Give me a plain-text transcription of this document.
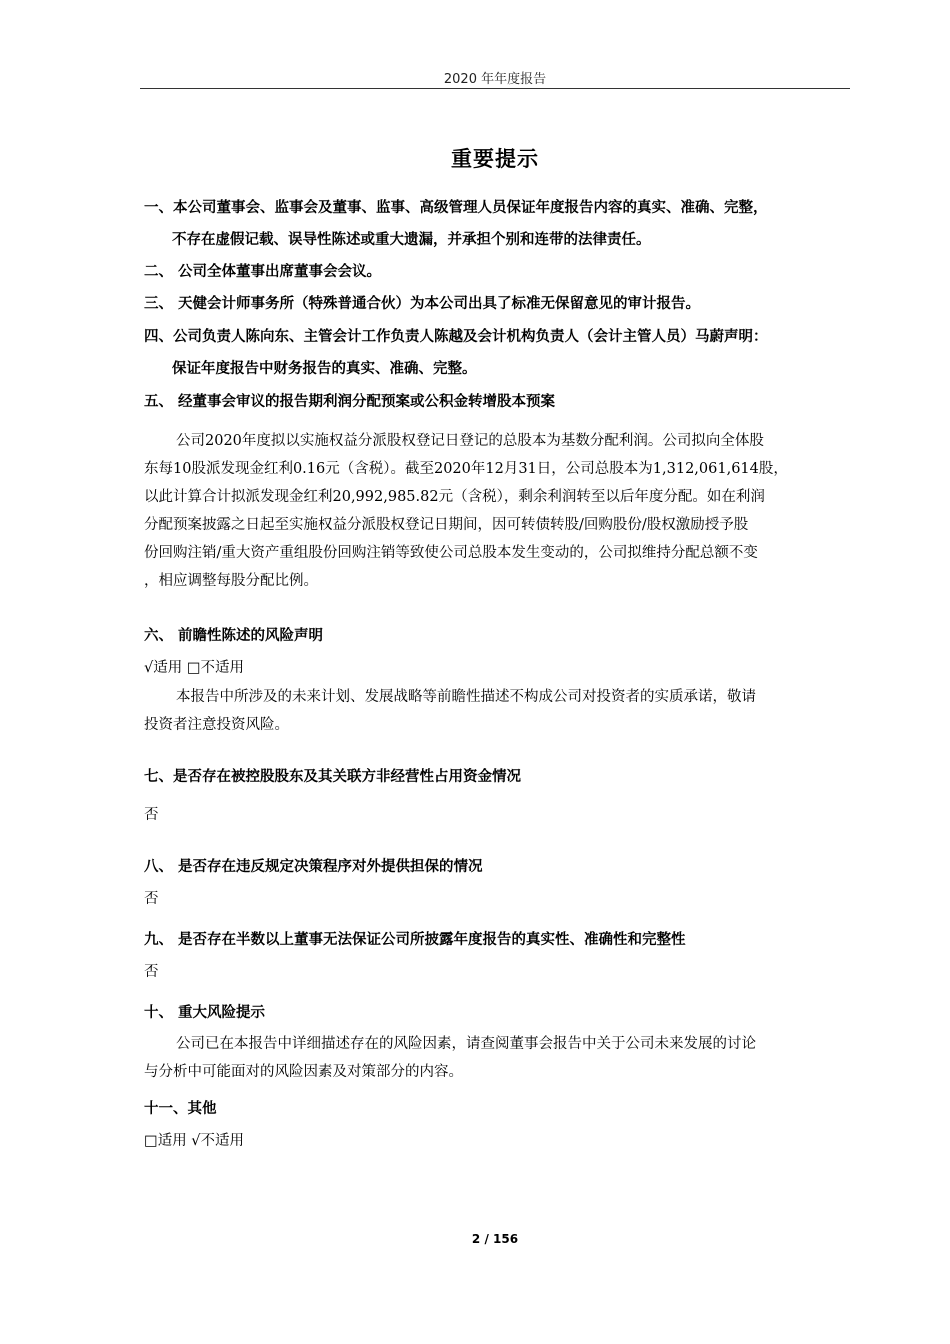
2020 年年度报告
重要提示
一、本公司董事会、监事会及董事、监事、高级管理人员保证年度报告内容的真实、准确、完整，
不存在虚假记载、误导性陈述或重大遗漏，并承担个别和连带的法律责任。
二、 公司全体董事出席董事会会议。
三、 天健会计师事务所（特殊普通合伙）为本公司出具了标准无保留意见的审计报告。
四、公司负责人陈向东、主管会计工作负责人陈越及会计机构负责人（会计主管人员）马蔚声明：
保证年度报告中财务报告的真实、准确、完整。
五、 经董事会审议的报告期利润分配预案或公积金转增股本预案
公司2020年度拟以实施权益分派股权登记日登记的总股本为基数分配利润。公司拟向全体股
东每10股派发现金红利0.16元（含税）。截至2020年12月31日，公司总股本为1,312,061,614股，
以此计算合计拟派发现金红利20,992,985.82元（含税），剩余利润转至以后年度分配。如在利润
分配预案披露之日起至实施权益分派股权登记日期间，因可转债转股/回购股份/股权激励授予股
份回购注销/重大资产重组股份回购注销等致使公司总股本发生变动的，公司拟维持分配总额不变
，相应调整每股分配比例。
六、 前瞻性陈述的风险声明
√适用 □不适用
本报告中所涉及的未来计划、发展战略等前瞻性描述不构成公司对投资者的实质承诺，敬请
投资者注意投资风险。
七、是否存在被控股股东及其关联方非经营性占用资金情况
否
八、 是否存在违反规定决策程序对外提供担保的情况
否
九、 是否存在半数以上董事无法保证公司所披露年度报告的真实性、准确性和完整性
否
十、 重大风险提示
公司已在本报告中详细描述存在的风险因素，请查阅董事会报告中关于公司未来发展的讨论
与分析中可能面对的风险因素及对策部分的内容。
十一、其他
□适用 √不适用
2 / 156
